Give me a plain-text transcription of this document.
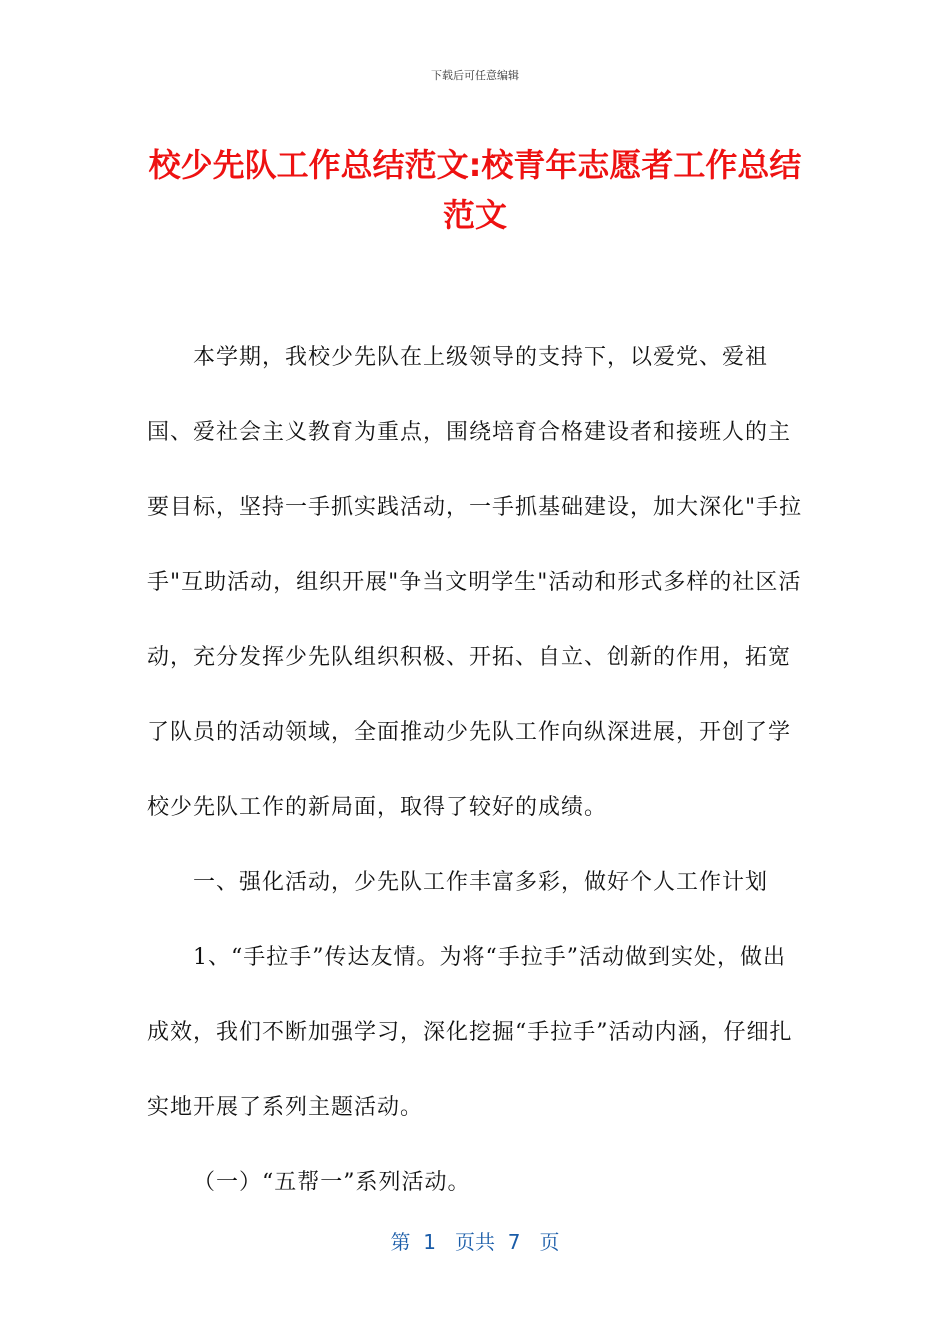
下载后可任意编辑
校少先队工作总结范文:校青年志愿者工作总结范文

本学期，我校少先队在上级领导的支持下，以爱党、爱祖国、爱社会主义教育为重点，围绕培育合格建设者和接班人的主要目标，坚持一手抓实践活动，一手抓基础建设，加大深化"手拉手"互助活动，组织开展"争当文明学生"活动和形式多样的社区活动，充分发挥少先队组织积极、开拓、自立、创新的作用，拓宽了队员的活动领域，全面推动少先队工作向纵深进展，开创了学校少先队工作的新局面，取得了较好的成绩。

一、强化活动，少先队工作丰富多彩，做好个人工作计划

1、“手拉手”传达友情。为将“手拉手”活动做到实处，做出成效，我们不断加强学习，深化挖掘“手拉手”活动内涵，仔细扎实地开展了系列主题活动。

（一）“五帮一”系列活动。

第  1   页共  7   页
